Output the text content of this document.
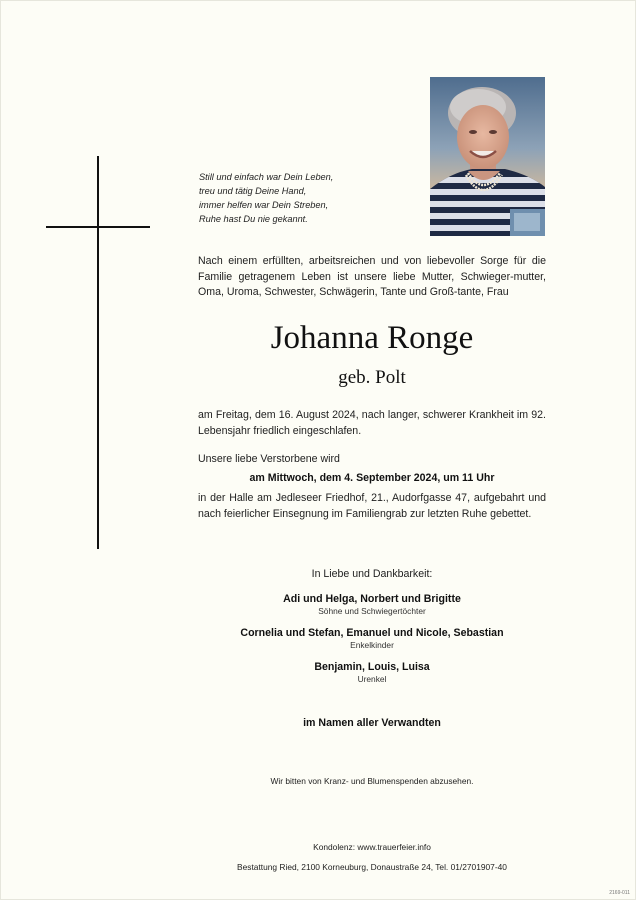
Still und einfach war Dein Leben,
treu und tätig Deine Hand,
immer helfen war Dein Streben,
Ruhe hast Du nie gekannt.
Nach einem erfüllten, arbeitsreichen und von liebevoller Sorge für die Familie getragenem Leben ist unsere liebe Mutter, Schwieger-mutter, Oma, Uroma, Schwester, Schwägerin, Tante und Groß-tante, Frau
Johanna Ronge
geb. Polt
am Freitag, dem 16. August 2024, nach langer, schwerer Krankheit im 92. Lebensjahr friedlich eingeschlafen.
Unsere liebe Verstorbene wird
am Mittwoch, dem 4. September 2024, um 11 Uhr
in der Halle am Jedleseer Friedhof, 21., Audorfgasse 47, aufgebahrt und nach feierlicher Einsegnung im Familiengrab zur letzten Ruhe gebettet.
In Liebe und Dankbarkeit:
Adi und Helga, Norbert und Brigitte
Söhne und Schwiegertöchter
Cornelia und Stefan, Emanuel und Nicole, Sebastian
Enkelkinder
Benjamin, Louis, Luisa
Urenkel
im Namen aller Verwandten
Wir bitten von Kranz- und Blumenspenden abzusehen.
Kondolenz: www.trauerfeier.info
Bestattung Ried, 2100 Korneuburg, Donaustraße 24, Tel. 01/2701907-40
2169-011
